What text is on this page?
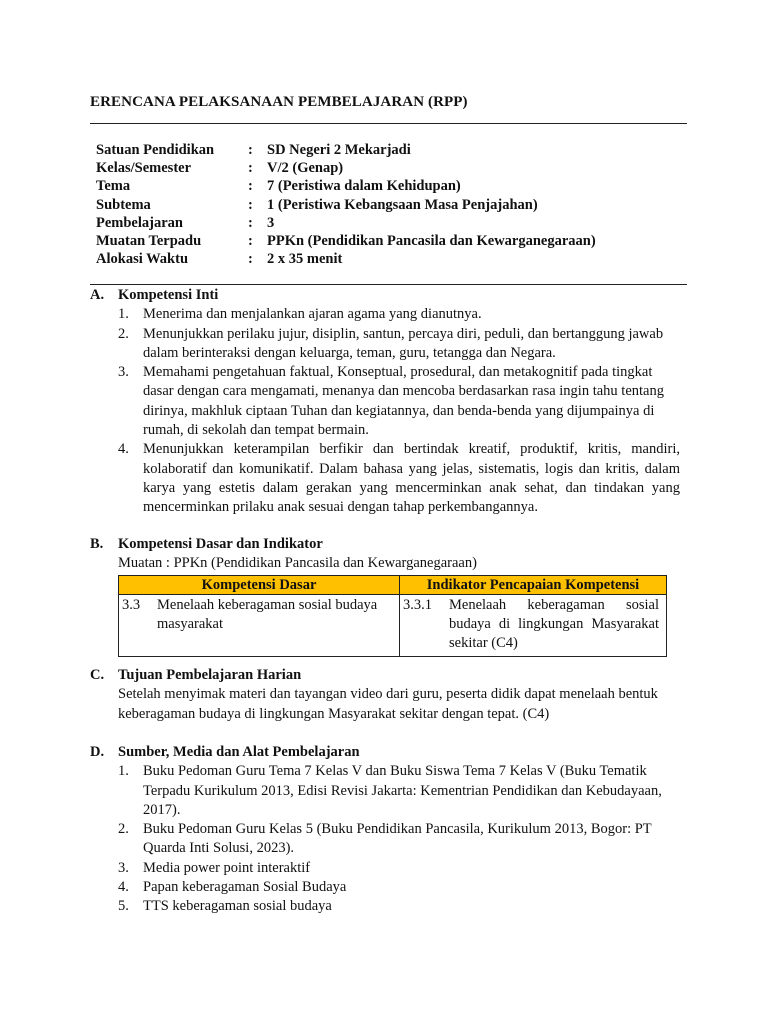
ERENCANA PELAKSANAAN PEMBELAJARAN (RPP)
Satuan Pendidikan	: SD Negeri 2 Mekarjadi
Kelas/Semester	: V/2 (Genap)
Tema	: 7 (Peristiwa dalam Kehidupan)
Subtema	: 1 (Peristiwa Kebangsaan Masa Penjajahan)
Pembelajaran	: 3
Muatan Terpadu	: PPKn (Pendidikan Pancasila dan Kewarganegaraan)
Alokasi Waktu	: 2 x 35 menit
A. Kompetensi Inti
1. Menerima dan menjalankan ajaran agama yang dianutnya.
2. Menunjukkan perilaku jujur, disiplin, santun, percaya diri, peduli, dan bertanggung jawab dalam berinteraksi dengan keluarga, teman, guru, tetangga dan Negara.
3. Memahami pengetahuan faktual, Konseptual, prosedural, dan metakognitif pada tingkat dasar dengan cara mengamati, menanya dan mencoba berdasarkan rasa ingin tahu tentang dirinya, makhluk ciptaan Tuhan dan kegiatannya, dan benda-benda yang dijumpainya di rumah, di sekolah dan tempat bermain.
4. Menunjukkan keterampilan berfikir dan bertindak kreatif, produktif, kritis, mandiri, kolaboratif dan komunikatif. Dalam bahasa yang jelas, sistematis, logis dan kritis, dalam karya yang estetis dalam gerakan yang mencerminkan anak sehat, dan tindakan yang mencerminkan prilaku anak sesuai dengan tahap perkembangannya.
B.	Kompetensi Dasar dan Indikator
Muatan : PPKn (Pendidikan Pancasila dan Kewarganegaraan)
Kompetensi Dasar	Indikator Pencapaian Kompetensi

3.3 Menelaah keberagaman sosial budaya masyarakat	3.3.1 Menelaah keberagaman sosial budaya di lingkungan Masyarakat sekitar (C4)
C. Tujuan Pembelajaran Harian
Setelah menyimak materi dan tayangan video dari guru, peserta didik dapat menelaah bentuk keberagaman budaya di lingkungan Masyarakat sekitar dengan tepat. (C4)
D. Sumber, Media dan Alat Pembelajaran
1. Buku Pedoman Guru Tema 7 Kelas V dan Buku Siswa Tema 7 Kelas V (Buku Tematik Terpadu Kurikulum 2013, Edisi Revisi Jakarta: Kementrian Pendidikan dan Kebudayaan, 2017).
2. Buku Pedoman Guru Kelas 5 (Buku Pendidikan Pancasila, Kurikulum 2013, Bogor: PT Quarda Inti Solusi, 2023).
3. Media power point interaktif
4. Papan keberagaman Sosial Budaya
5. TTS keberagaman sosial budaya
